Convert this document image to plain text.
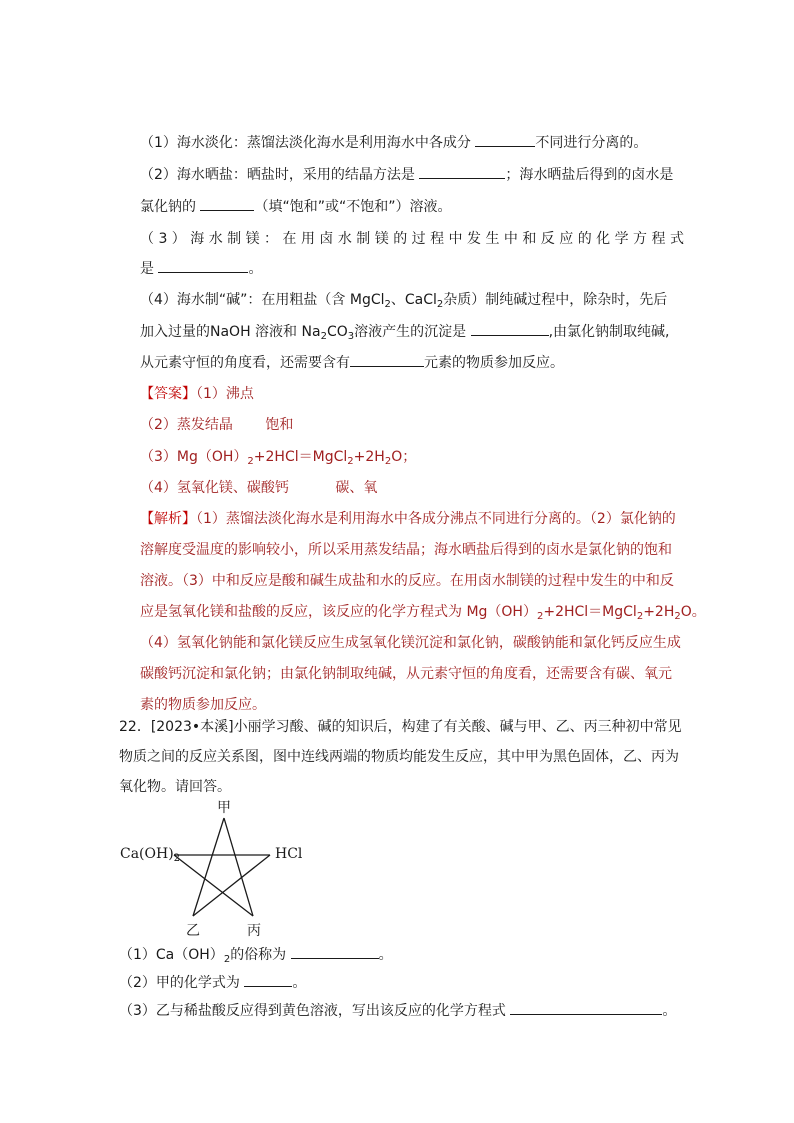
（1）海水淡化：蒸馏法淡化海水是利用海水中各成分	不同进行分离的。
（2）海水晒盐：晒盐时，采用的结晶方法是	；海水晒盐后得到的卤水是
氯化钠的	（填“饱和”或“不饱和”）溶液。
（ 3 ） 海 水 制 镁 ： 在 用 卤 水 制 镁 的 过 程 中 发 生 中 和 反 应 的 化 学 方 程 式
是	。
（4）海水制“碱”：在用粗盐（含 MgCl$_2$、CaCl$_2$杂质）制纯碱过程中，除杂时，先后
加入过量的NaOH 溶液和 $Na_2CO_3$溶液产生的沉淀是	,由氯化钠制取纯碱,
从元素守恒的角度看，还需要含有	元素的物质参加反应。
【答案】（1）沸点
（2）蒸发结晶　　 饱和
$(3)Mg(OH)_2+2HCl=MgCl_2+2H_2O$；
（4）氢氧化镁、碳酸钙　　　 碳、氧
【解析】（1）蒸馏法淡化海水是利用海水中各成分沸点不同进行分离的。（2）氯化钠的
溶解度受温度的影响较小，所以采用蒸发结晶；海水晒盐后得到的卤水是氯化钠的饱和
溶液。（3）中和反应是酸和碱生成盐和水的反应。在用卤水制镁的过程中发生的中和反
应是氢氧化镁和盐酸的反应，该反应的化学方程式为 $Mg(OH)_2+2HCl=MgCl_2+2H_2O$。
（4）氢氧化钠能和氯化镁反应生成氢氧化镁沉淀和氯化钠，碳酸钠能和氯化钙反应生成
碳酸钙沉淀和氯化钠；由氯化钠制取纯碱，从元素守恒的角度看，还需要含有碳、氧元
素的物质参加反应。
22．[2023•本溪]小丽学习酸、碱的知识后，构建了有关酸、碱与甲、乙、丙三种初中常见
物质之间的反应关系图，图中连线两端的物质均能发生反应，其中甲为黑色固体，乙、丙为
氧化物。请回答。
甲
$Ca(OH)_2$	HCl
乙	丙
$(1)Ca(OH)_2$的俗称为	。
（2）甲的化学式为	。
（3）乙与稀盐酸反应得到黄色溶液，写出该反应的化学方程式	。
